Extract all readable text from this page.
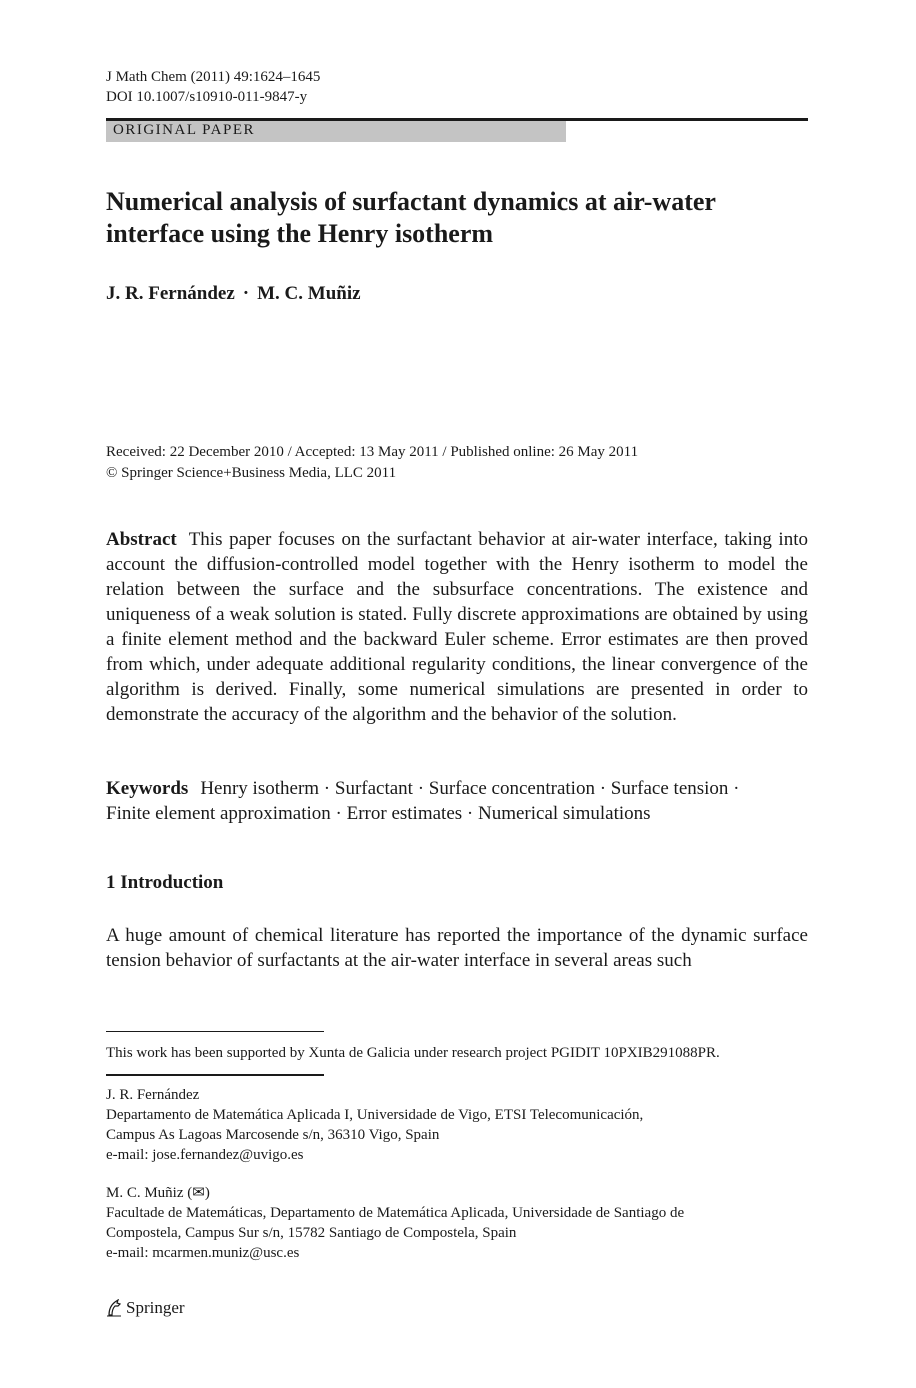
J Math Chem (2011) 49:1624–1645
DOI 10.1007/s10910-011-9847-y
ORIGINAL PAPER
Numerical analysis of surfactant dynamics at air-water
interface using the Henry isotherm
J. R. Fernández · M. C. Muñiz
Received: 22 December 2010 / Accepted: 13 May 2011 / Published online: 26 May 2011
© Springer Science+Business Media, LLC 2011

Abstract This paper focuses on the surfactant behavior at air-water interface, taking into account the diffusion-controlled model together with the Henry isotherm to model the relation between the surface and the subsurface concentrations. The existence and uniqueness of a weak solution is stated. Fully discrete approximations are obtained by using a finite element method and the backward Euler scheme. Error estimates are then proved from which, under adequate additional regularity conditions, the linear convergence of the algorithm is derived. Finally, some numerical simulations are presented in order to demonstrate the accuracy of the algorithm and the behavior of the solution.

Keywords Henry isotherm · Surfactant · Surface concentration · Surface tension ·
Finite element approximation · Error estimates · Numerical simulations

1 Introduction

A huge amount of chemical literature has reported the importance of the dynamic surface tension behavior of surfactants at the air-water interface in several areas such

This work has been supported by Xunta de Galicia under research project PGIDIT 10PXIB291088PR.
J. R. Fernández
Departamento de Matemática Aplicada I, Universidade de Vigo, ETSI Telecomunicación,
Campus As Lagoas Marcosende s/n, 36310 Vigo, Spain
e-mail: jose.fernandez@uvigo.es
M. C. Muñiz (✉)
Facultade de Matemáticas, Departamento de Matemática Aplicada, Universidade de Santiago de
Compostela, Campus Sur s/n, 15782 Santiago de Compostela, Spain
e-mail: mcarmen.muniz@usc.es
Springer
